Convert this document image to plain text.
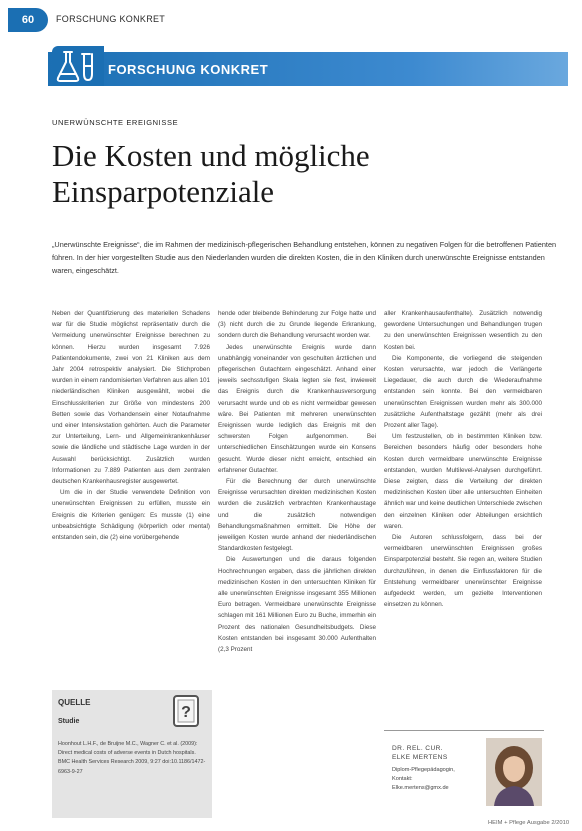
60	FORSCHUNG KONKRET
FORSCHUNG KONKRET
UNERWÜNSCHTE EREIGNISSE
Die Kosten und mögliche
Einsparpotenziale
„Unerwünschte Ereignisse“, die im Rahmen der medizinisch-pflegerischen Behandlung entstehen, können zu negativen Folgen für die betroffenen Patienten führen. In der hier vorgestellten Studie aus den Niederlanden wurden die direkten Kosten, die in den Kliniken durch unerwünschte Ereignisse entstanden waren, eingeschätzt.

Neben der Quantifizierung des materiellen Schadens war für die Studie möglichst repräsentativ durch die Vermeidung unerwünschter Ereignisse berechnen zu können. Hierzu wurden insgesamt 7.926 Patientendokumente, zwei von 21 Kliniken aus dem Jahr 2004 retrospektiv analysiert. Die Stichproben wurden in einem randomisierten Verfahren aus allen 101 niederländischen Kliniken ausgewählt, wobei die Einschlusskriterien zur Größe von mindestens 200 Betten sowie das Vorhandensein einer Notaufnahme und einer Intensivstation gehörten. Auch die Parameter zur Unterteilung, Lern- und Allgemeinkrankenhäuser sowie die ländliche und städtische Lage wurden in der Auswahl berücksichtigt. Zusätzlich wurden Informationen zu 7.889 Patienten aus dem zentralen deutschen Krankenhausregister ausgewertet.

Um die in der Studie verwendete Definition von unerwünschten Ereignissen zu erfüllen, musste ein Ereignis die Kriterien genügen: Es musste (1) eine unbeabsichtigte Schädigung (körperlich oder mental) entstanden sein, die (2) eine vorübergehende

hende oder bleibende Behinderung zur Folge hatte und (3) nicht durch die zu Grunde liegende Erkrankung, sondern durch die Behandlung verursacht worden war.

Jedes unerwünschte Ereignis wurde dann unabhängig voneinander von geschulten ärztlichen und pflegerischen Gutachtern eingeschätzt. Anhand einer jeweils sechsstufigen Skala legten sie fest, inwieweit das Ereignis durch die Krankenhausversorgung verursacht wurde und ob es nicht vermeidbar gewesen wäre. Bei Patienten mit mehreren unerwünschten Ereignissen wurde lediglich das Ereignis mit den schwersten Folgen aufgenommen. Bei unterschiedlichen Einschätzungen wurde ein Konsens gesucht. Wurde dieser nicht erreicht, entschied ein erfahrener Gutachter.

Für die Berechnung der durch unerwünschte Ereignisse verursachten direkten medizinischen Kosten wurden die zusätzlich verbrachten Krankenhaustage und die zusätzlich notwendigen Behandlungsmaßnahmen ermittelt. Die Höhe der jeweiligen Kosten wurde anhand der niederländischen Standardkosten festgelegt.

Die Auswertungen und die daraus folgenden Hochrechnungen ergaben, dass die jährlichen direkten medizinischen Kosten in den untersuchten Kliniken für alle unerwünschten Ereignisse insgesamt 355 Millionen Euro betragen. Vermeidbare unerwünschte Ereignisse schlagen mit 161 Millionen Euro zu Buche, immerhin ein Prozent des nationalen Gesundheitsbudgets. Diese Kosten entstanden bei insgesamt 30.000 Aufenthalten (2,3 Prozent

aller Krankenhausaufenthalte). Zusätzlich notwendig gewordene Untersuchungen und Behandlungen trugen zu den unerwünschten Ereignissen wesentlich zu den Kosten bei.

Die Komponente, die vorliegend die steigenden Kosten verursachte, war jedoch die Verlängerte Liegedauer, die auch durch die Wiederaufnahme entstanden sein konnte. Bei den vermeidbaren unerwünschten Ereignissen wurden mehr als 300.000 zusätzliche Aufenthaltstage gezählt (mehr als drei Prozent aller Tage).

Um festzustellen, ob in bestimmten Kliniken bzw. Bereichen besonders häufig oder besonders hohe Kosten durch vermeidbare unerwünschte Ereignisse entstanden, wurden Multilevel-Analysen durchgeführt. Diese zeigten, dass die Verteilung der direkten medizinischen Kosten über alle untersuchten Einheiten ähnlich war und keine deutlichen Unterschiede zwischen den einzelnen Kliniken oder Abteilungen ersichtlich waren.

Die Autoren schlussfolgern, dass bei der vermeidbaren unerwünschten Ereignissen großes Einsparpotenzial besteht. Sie regen an, weitere Studien durchzuführen, in denen die Einflussfaktoren für die Entstehung vermeidbarer unerwünschter Ereignisse aufgedeckt werden, um gezielte Interventionen einsetzen zu können.

QUELLE
Studie
?
Hoonhout L.H.F., de Bruijne M.C., Wagner C. et al. (2009): Direct medical costs of adverse events in Dutch hospitals. BMC Health Services Research 2009, 9:27 doi:10.1186/1472-6963-9-27
DR. REL. CUR.
ELKE MERTENS
Diplom-Pflegepädagogin,
Kontakt:
Elke.mertens@gmx.de
HEIM + Pflege Ausgabe 2/2010
